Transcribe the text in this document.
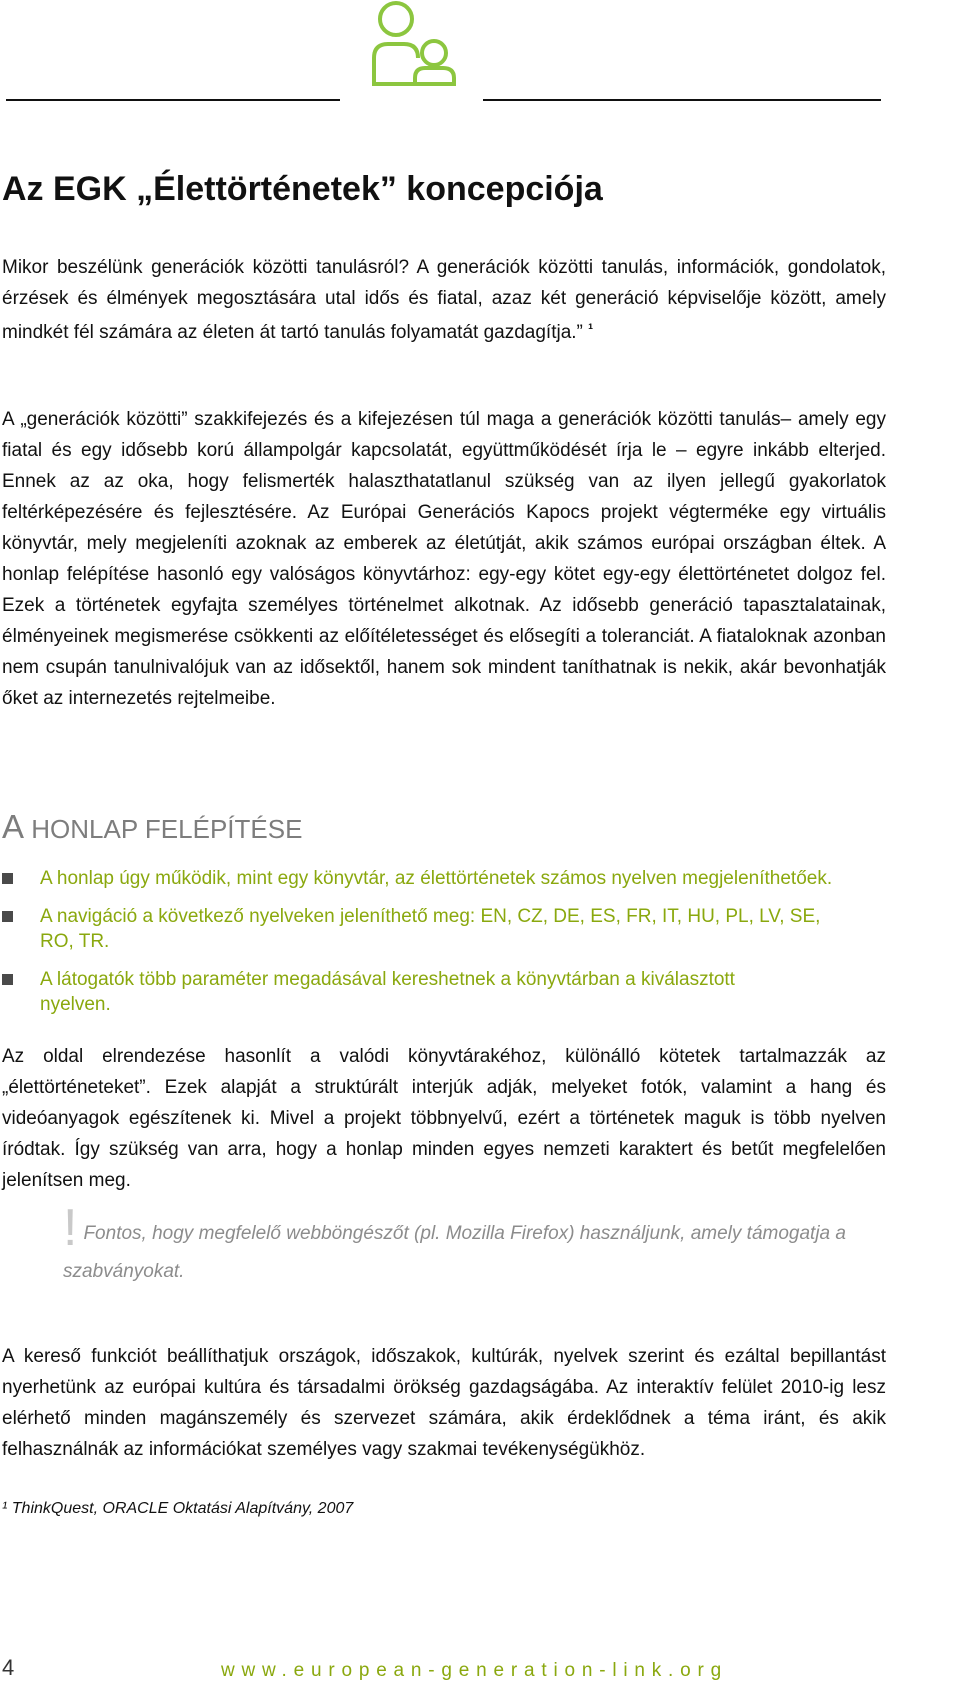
Az EGK „Élettörténetek” koncepciója

Mikor beszélünk generációk közötti tanulásról? A generációk közötti tanulás, információk, gondolatok, érzések és élmények megosztására utal idős és fiatal, azaz két generáció képviselője között, amely mindkét fél számára az életen át tartó tanulás folyamatát gazdagítja.” $^{^1}$

A „generációk közötti” szakkifejezés és a kifejezésen túl maga a generációk közötti tanulás– amely egy fiatal és egy idősebb korú állampolgár kapcsolatát, együttműködését írja le – egyre inkább elterjed. Ennek az az oka, hogy felismerték halaszthatatlanul szükség van az ilyen jellegű gyakorlatok feltérképezésére és fejlesztésére. Az Európai Generációs Kapocs projekt végterméke egy virtuális könyvtár, mely megjeleníti azoknak az emberek az életútját, akik számos európai országban éltek. A honlap felépítése hasonló egy valóságos könyvtárhoz: egy-egy kötet egy-egy élettörténetet dolgoz fel. Ezek a történetek egyfajta személyes történelmet alkotnak. Az idősebb generáció tapasztalatainak, élményeinek megismerése csökkenti az előítéletességet és elősegíti a toleranciát. A fiataloknak azonban nem csupán tanulnivalójuk van az idősektől, hanem sok mindent taníthatnak is nekik, akár bevonhatják őket az internezetés rejtelmeibe.

A HONLAP FELÉPÍTÉSE
A honlap úgy működik, mint egy könyvtár, az élettörténetek számos nyelven megjeleníthetőek.
A navigáció a következő nyelveken jeleníthető meg: EN, CZ, DE, ES, FR, IT, HU, PL, LV, SE, RO, TR.
A látogatók több paraméter megadásával kereshetnek a könyvtárban a kiválasztott nyelven.

Az oldal elrendezése hasonlít a valódi könyvtárakéhoz, különálló kötetek tartalmazzák az „élettörténeteket”. Ezek alapját a struktúrált interjúk adják, melyeket fotók, valamint a hang és videóanyagok egészítenek ki. Mivel a projekt többnyelvű, ezért a történetek maguk is több nyelven íródtak. Így szükség van arra, hogy a honlap minden egyes nemzeti karaktert és betűt megfelelően jelenítsen meg.

! Fontos, hogy megfelelő webböngészőt (pl. Mozilla Firefox) használjunk, amely támogatja a szabványokat.

A kereső funkciót beállíthatjuk országok, időszakok, kultúrák, nyelvek szerint és ezáltal bepillantást nyerhetünk az európai kultúra és társadalmi örökség gazdagságába. Az interaktív felület 2010-ig lesz elérhető minden magánszemély és szervezet számára, akik érdeklődnek a téma iránt, és akik felhasználnák az információkat személyes vagy szakmai tevékenységükhöz.

¹ ThinkQuest, ORACLE Oktatási Alapítvány, 2007

4	www.european-generation-link.org
